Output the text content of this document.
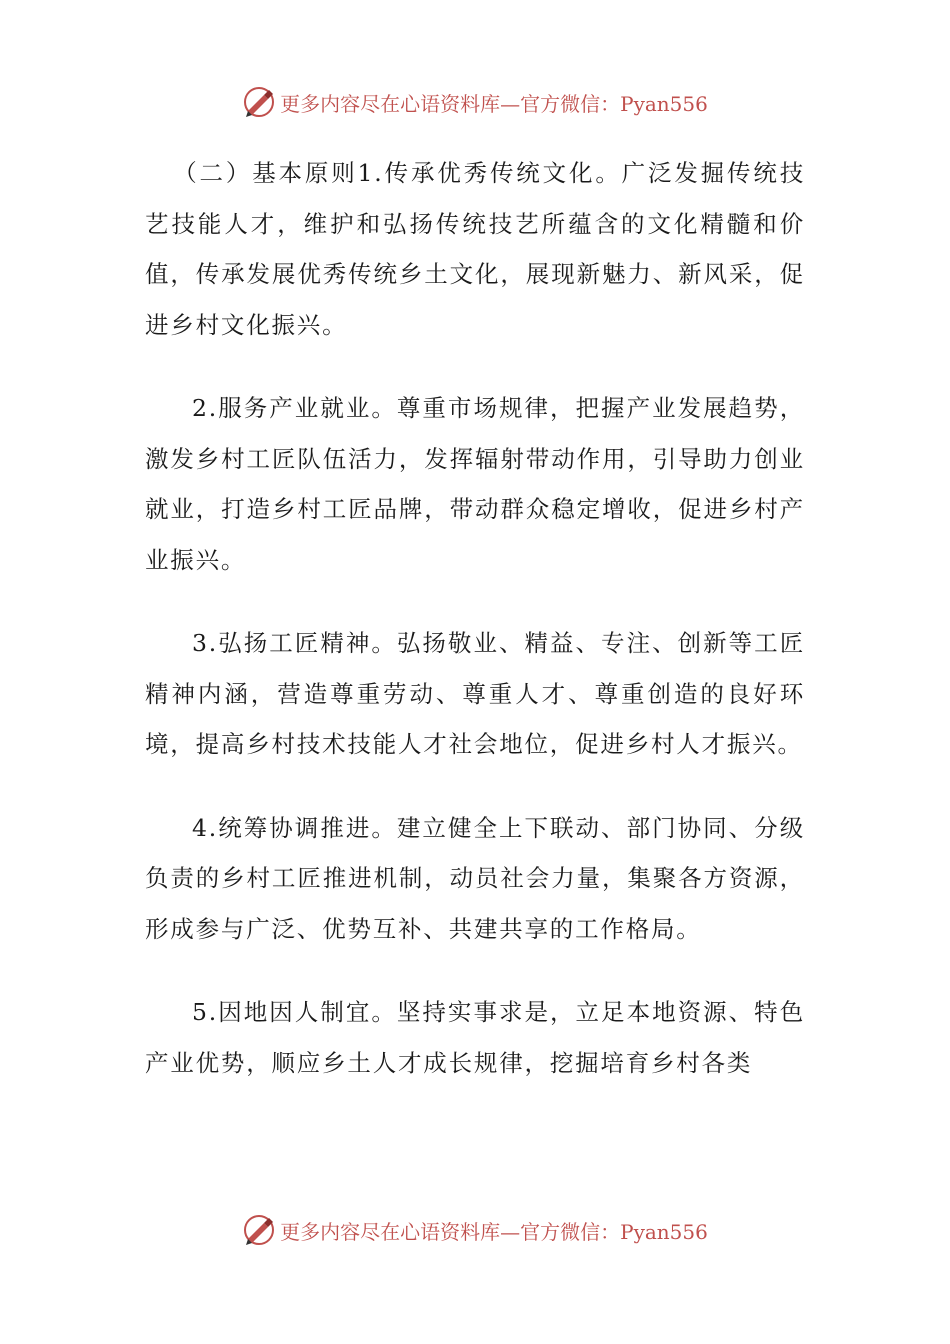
更多内容尽在心语资料库—官方微信：Pyan556

（二）基本原则1.传承优秀传统文化。广泛发掘传统技艺技能人才，维护和弘扬传统技艺所蕴含的文化精髓和价值，传承发展优秀传统乡土文化，展现新魅力、新风采，促进乡村文化振兴。

2.服务产业就业。尊重市场规律，把握产业发展趋势，激发乡村工匠队伍活力，发挥辐射带动作用，引导助力创业就业，打造乡村工匠品牌，带动群众稳定增收，促进乡村产业振兴。

3.弘扬工匠精神。弘扬敬业、精益、专注、创新等工匠精神内涵，营造尊重劳动、尊重人才、尊重创造的良好环境，提高乡村技术技能人才社会地位，促进乡村人才振兴。

4.统筹协调推进。建立健全上下联动、部门协同、分级负责的乡村工匠推进机制，动员社会力量，集聚各方资源，形成参与广泛、优势互补、共建共享的工作格局。

5.因地因人制宜。坚持实事求是，立足本地资源、特色产业优势，顺应乡土人才成长规律，挖掘培育乡村各类

更多内容尽在心语资料库—官方微信：Pyan556
